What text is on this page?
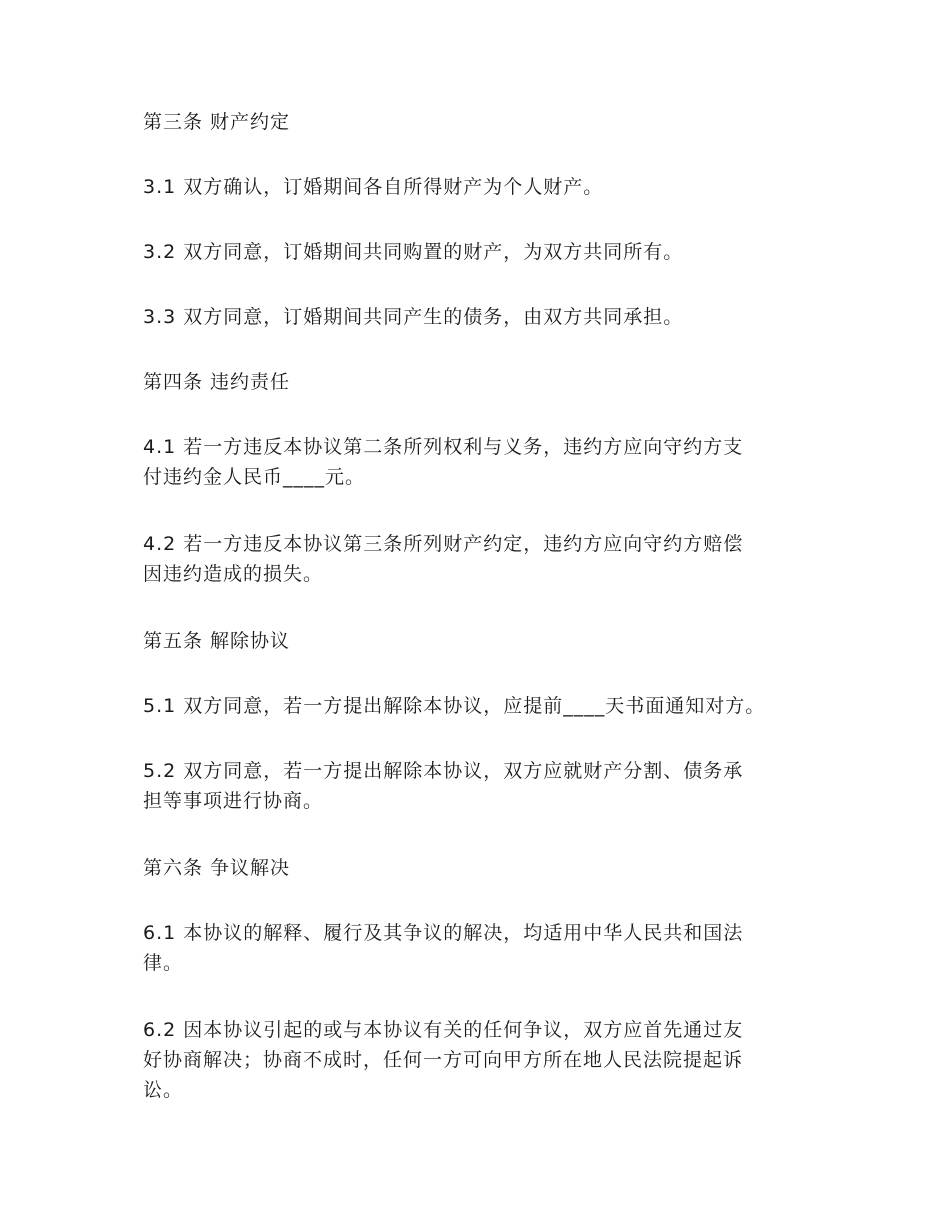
第三条 财产约定

3.1 双方确认，订婚期间各自所得财产为个人财产。

3.2 双方同意，订婚期间共同购置的财产，为双方共同所有。

3.3 双方同意，订婚期间共同产生的债务，由双方共同承担。

第四条 违约责任

4.1 若一方违反本协议第二条所列权利与义务，违约方应向守约方支
付违约金人民币____元。

4.2 若一方违反本协议第三条所列财产约定，违约方应向守约方赔偿
因违约造成的损失。

第五条 解除协议

5.1 双方同意，若一方提出解除本协议，应提前____天书面通知对方。

5.2 双方同意，若一方提出解除本协议，双方应就财产分割、债务承
担等事项进行协商。

第六条 争议解决

6.1 本协议的解释、履行及其争议的解决，均适用中华人民共和国法
律。

6.2 因本协议引起的或与本协议有关的任何争议，双方应首先通过友
好协商解决；协商不成时，任何一方可向甲方所在地人民法院提起诉
讼。
